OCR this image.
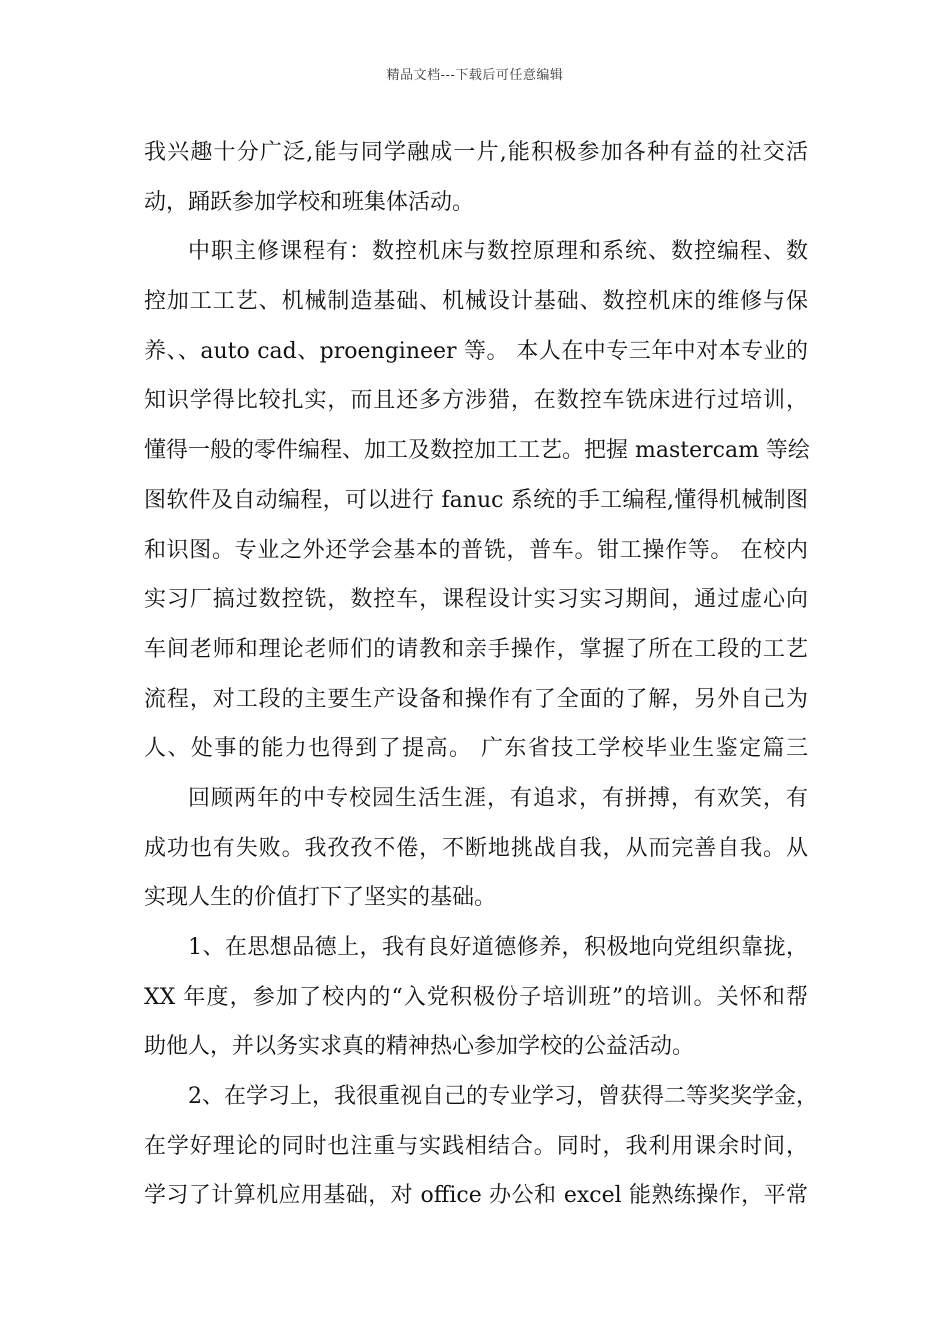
精品文档---下载后可任意编辑
我兴趣十分广泛,能与同学融成一片,能积极参加各种有益的社交活
动，踊跃参加学校和班集体活动。
中职主修课程有：数控机床与数控原理和系统、数控编程、数
控加工工艺、机械制造基础、机械设计基础、数控机床的维修与保
养、、auto cad、proengineer 等。 本人在中专三年中对本专业的
知识学得比较扎实，而且还多方涉猎，在数控车铣床进行过培训，
懂得一般的零件编程、加工及数控加工工艺。把握 mastercam 等绘
图软件及自动编程，可以进行 fanuc 系统的手工编程,懂得机械制图
和识图。专业之外还学会基本的普铣，普车。钳工操作等。 在校内
实习厂搞过数控铣，数控车，课程设计实习实习期间，通过虚心向
车间老师和理论老师们的请教和亲手操作，掌握了所在工段的工艺
流程，对工段的主要生产设备和操作有了全面的了解，另外自己为
人、处事的能力也得到了提高。 广东省技工学校毕业生鉴定篇三
回顾两年的中专校园生活生涯，有追求，有拼搏，有欢笑，有
成功也有失败。我孜孜不倦，不断地挑战自我，从而完善自我。从
实现人生的价值打下了坚实的基础。
1、在思想品德上，我有良好道德修养，积极地向党组织靠拢，
XX 年度，参加了校内的“入党积极份子培训班”的培训。关怀和帮
助他人，并以务实求真的精神热心参加学校的公益活动。
2、在学习上，我很重视自己的专业学习，曾获得二等奖奖学金，
在学好理论的同时也注重与实践相结合。同时，我利用课余时间，
学习了计算机应用基础，对 office 办公和 excel 能熟练操作，平常
